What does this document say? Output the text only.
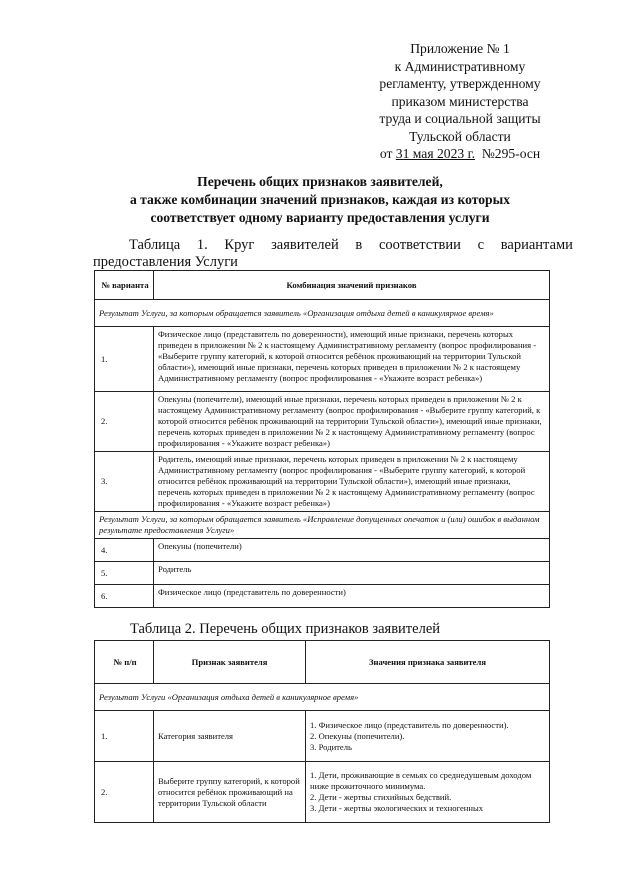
Приложение № 1
к Административному
регламенту, утвержденному
приказом министерства
труда и социальной защиты
Тульской области
от 31 мая 2023 г. №295-осн
Перечень общих признаков заявителей,
а также комбинации значений признаков, каждая из которых
соответствует одному варианту предоставления услуги
Таблица 1. Круг заявителей в соответствии с вариантами
предоставления Услуги
№ варианта	Комбинация значений признаков
Результат Услуги, за которым обращается заявитель «Организация отдыха детей в каникулярное время»	
1.	Физическое лицо (представитель по доверенности), имеющий иные признаки, перечень которых приведен в приложении № 2 к настоящему Административному регламенту (вопрос профилирования - «Выберите группу категорий, к которой относится ребёнок проживающий на территории Тульской области»), имеющий иные признаки, перечень которых приведен в приложении № 2 к настоящему Административному регламенту (вопрос профилирования - «Укажите возраст ребенка»)
2.	Опекуны (попечители), имеющий иные признаки, перечень которых приведен в приложении № 2 к настоящему Административному регламенту (вопрос профилирования - «Выберите группу категорий, к которой относится ребёнок проживающий на территории Тульской области»), имеющий иные признаки, перечень которых приведен в приложении № 2 к настоящему Административному регламенту (вопрос профилирования - «Укажите возраст ребенка»)
3.	Родитель, имеющий иные признаки, перечень которых приведен в приложении № 2 к настоящему Административному регламенту (вопрос профилирования - «Выберите группу категорий, к которой относится ребёнок проживающий на территории Тульской области»), имеющий иные признаки, перечень которых приведен в приложении № 2 к настоящему Административному регламенту (вопрос профилирования - «Укажите возраст ребенка»)
Результат Услуги, за которым обращается заявитель «Исправление допущенных опечаток и (или) ошибок в выданном результате предоставления Услуги»	
4.	Опекуны (попечители)
5.	Родитель
6.	Физическое лицо (представитель по доверенности)
Таблица 2. Перечень общих признаков заявителей
№ п/п	Признак заявителя	Значения признака заявителя
Результат Услуги «Организация отдыха детей в каникулярное время»		
1.	Категория заявителя	1. Физическое лицо (представитель по доверенности).
2. Опекуны (попечители).
3. Родитель

2.	Выберите группу категорий, к которой относится ребёнок проживающий на территории Тульской области	1. Дети, проживающие в семьях со среднедушевым доходом ниже прожиточного минимума.
2. Дети - жертвы стихийных бедствий.
3. Дети - жертвы экологических и техногенных
